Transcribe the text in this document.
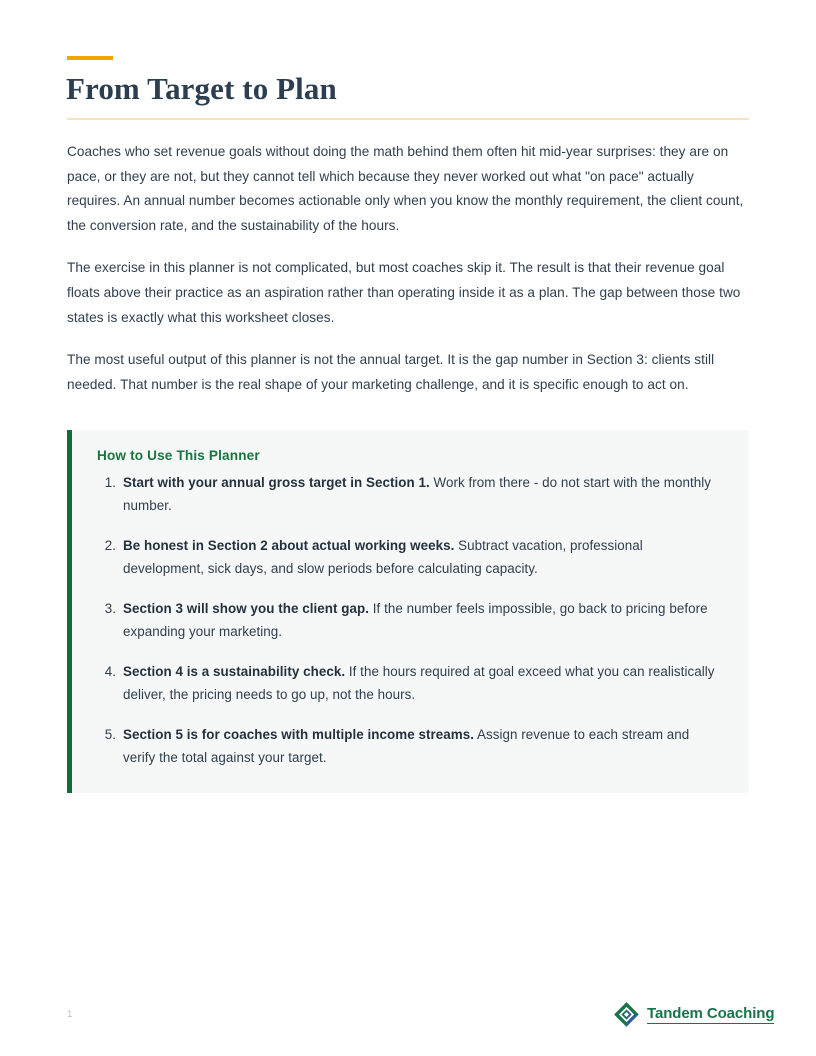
From Target to Plan

Coaches who set revenue goals without doing the math behind them often hit mid-year surprises: they are on pace, or they are not, but they cannot tell which because they never worked out what "on pace" actually requires. An annual number becomes actionable only when you know the monthly requirement, the client count, the conversion rate, and the sustainability of the hours.

The exercise in this planner is not complicated, but most coaches skip it. The result is that their revenue goal floats above their practice as an aspiration rather than operating inside it as a plan. The gap between those two states is exactly what this worksheet closes.

The most useful output of this planner is not the annual target. It is the gap number in Section 3: clients still needed. That number is the real shape of your marketing challenge, and it is specific enough to act on.

How to Use This Planner
Start with your annual gross target in Section 1. Work from there - do not start with the monthly number.
Be honest in Section 2 about actual working weeks. Subtract vacation, professional development, sick days, and slow periods before calculating capacity.
Section 3 will show you the client gap. If the number feels impossible, go back to pricing before expanding your marketing.
Section 4 is a sustainability check. If the hours required at goal exceed what you can realistically deliver, the pricing needs to go up, not the hours.
Section 5 is for coaches with multiple income streams. Assign revenue to each stream and verify the total against your target.
1	Tandem Coaching
